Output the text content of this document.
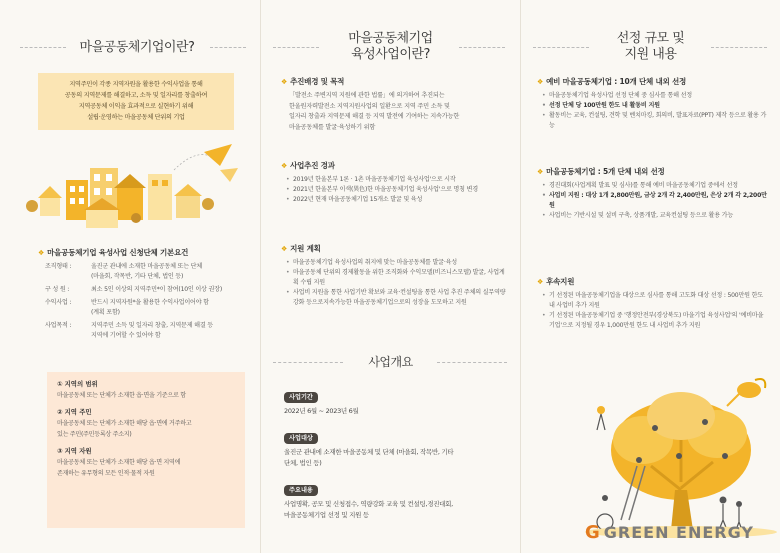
마을공동체기업이란?
지역주민이 각종 지역자원을 활용한 수익사업을 통해
공동의 지역문제를 해결하고, 소득 및 일자리를 창출하여
지역공동체 이익을 효과적으로 실현하기 위해
설립·운영하는 마을공동체 단위의 기업
❖ 마을공동체기업 육성사업 신청단체 기본요건
조직형태 :	울진군 관내에 소재한 마을공동체 또는 단체
(마을회, 작목반, 기타 단체, 법인 등)
구 성 원 :	최소 5인 이상의 지역주민*이 참여(10인 이상 권장)
수익사업 :	반드시 지역자원*을 활용한 수익사업이어야 함
(계획 포함)
사업목적 :	지역주민 소득 및 일자리 창출, 지역문제 해결 등
지역에 기여할 수 있어야 함
① 지역의 범위
마을공동체 또는 단체가 소재한 읍·면을 기준으로 함
② 지역 주민
마을공동체 또는 단체가 소재한 해당 읍·면에 거주하고
있는 주민(주민등록상 주소지)
③ 지역 자원
마을공동체 또는 단체가 소재한 해당 읍·면 지역에
존재하는 유무형의 모든 인적·물적 자원
마을공동체기업
육성사업이란?
❖ 추진배경 및 목적
「발전소 주변지역 지원에 관한 법률」에 의거하여 추진되는
한울원자력발전소 지역지원사업의 일환으로 지역 주민 소득 및
일자리 창출과 지역문제 해결 등 지역 발전에 기여하는 지속가능한
마을공동체를 발굴·육성하기 위함
❖ 사업추진 경과
• 2019년 한울본부 1론 · 1촌 마을공동체기업 육성사업'으로 시작
• 2021년 한울본부 이색(異色)한 마을공동체기업 육성사업'으로 명칭 변경
• 2022년 현재 마을공동체기업 15개소 발굴 및 육성
❖ 지원 계획
• 마을공동체기업 육성사업의 취지에 맞는 마을공동체를 발굴·육성
• 마을공동체 단위의 경제활동을 위한 조직화와 수익모델(비즈니스모델) 발굴, 사업계획 수립 지원
• 사업비 지원을 통한 사업기반 확보와 교육·컨설팅을 통한 사업 추진 주체의 실무역량 강화 등으로지속가능한 마을공동체기업으로의 성장을 도모하고 지원
사업개요
사업기간
2022년 6월 ~ 2023년 6월
사업대상
울진군 관내에 소재한 마을공동체 및 단체 (마을회, 작목반, 기타
단체, 법인 등)
주요내용
사업명확, 공모 및 신청접수, 역량강화 교육 및 컨설팅,경진대회,
마을공동체기업 선정 및 지원 등
선정 규모 및
지원 내용
❖ 예비 마을공동체기업 : 10개 단체 내외 선정
• 마을공동체기업 육성사업 선정 단체 중 심사를 통해 선정
• 선정 단체 당 100만원 한도 내 활동비 지원
• 활동비는 교육, 컨설팅, 견학 및 벤치마킹, 회의비, 발표자료(PPT) 제작 등으로 활용 가능
❖ 마을공동체기업 : 5개 단체 내외 선정
• 경진대회(사업계획 발표 및 심사)를 통해 예비 마을공동체기업 중에서 선정
• 사업비 지원 : 대상 1개 2,800만원, 금상 2개 각 2,400만원, 은상 2개 각 2,200만원
• 사업비는 기반시설 및 설비 구축, 상품개발, 교육컨설팅 등으로 활용 가능
❖ 후속지원
• 기 선정된 마을공동체기업을 대상으로 심사를 통해 고도화 대상 선정 : 500만원 한도 내 사업비 추가 지원
• 기 선정된 마을공동체기업 중 '행정안전부(경상북도) 마을기업 육성사업'의 '예비마을기업'으로 지정될 경우 1,000만원 한도 내 사업비 추가 지원
G GREEN ENERGY
